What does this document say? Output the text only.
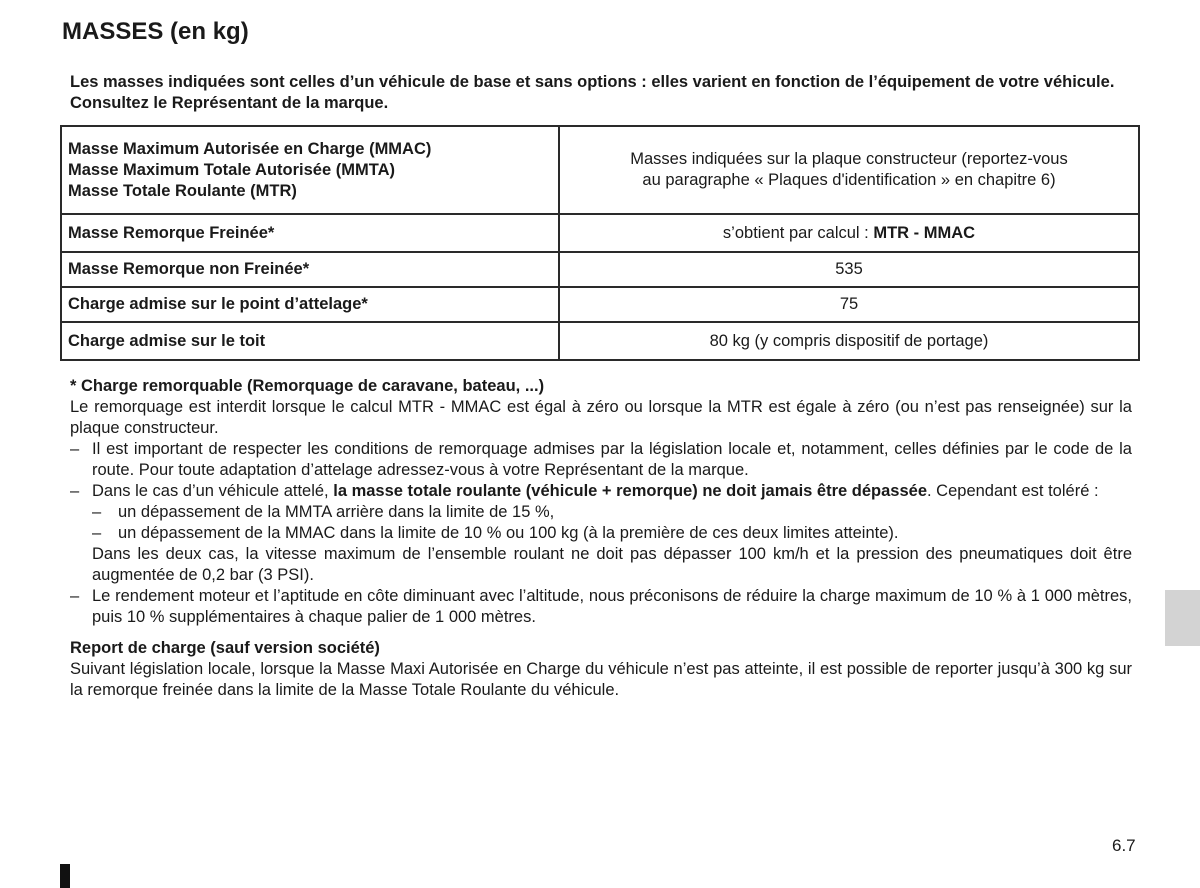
MASSES (en kg)

Les masses indiquées sont celles d’un véhicule de base et sans options : elles varient en fonction de l’équipement de votre véhicule. Consultez le Représentant de la marque.

Masse Maximum Autorisée en Charge (MMAC)
Masse Maximum Totale Autorisée (MMTA)
Masse Totale Roulante (MTR)	Masses indiquées sur la plaque constructeur (reportez-vous
au paragraphe « Plaques d'identification » en chapitre 6)

Masse Remorque Freinée*	s’obtient par calcul : MTR - MMAC
Masse Remorque non Freinée*	535
Charge admise sur le point d’attelage*	75
Charge admise sur le toit	80 kg (y compris dispositif de portage)

* Charge remorquable (Remorquage de caravane, bateau, ...)

Le remorquage est interdit lorsque le calcul MTR - MMAC est égal à zéro ou lorsque la MTR est égale à zéro (ou n’est pas renseignée) sur la plaque constructeur.

– Il est important de respecter les conditions de remorquage admises par la législation locale et, notamment, celles définies par le code de la route. Pour toute adaptation d’attelage adressez-vous à votre Représentant de la marque.

– Dans le cas d’un véhicule attelé, la masse totale roulante (véhicule + remorque) ne doit jamais être dépassée. Cependant est toléré :

– un dépassement de la MMTA arrière dans la limite de 15 %,

– un dépassement de la MMAC dans la limite de 10 % ou 100 kg (à la première de ces deux limites atteinte).

Dans les deux cas, la vitesse maximum de l’ensemble roulant ne doit pas dépasser 100 km/h et la pression des pneumatiques doit être augmentée de 0,2 bar (3 PSI).

– Le rendement moteur et l’aptitude en côte diminuant avec l’altitude, nous préconisons de réduire la charge maximum de 10 % à 1 000 mètres, puis 10 % supplémentaires à chaque palier de 1 000 mètres.

Report de charge (sauf version société)

Suivant législation locale, lorsque la Masse Maxi Autorisée en Charge du véhicule n’est pas atteinte, il est possible de reporter jusqu’à 300 kg sur la remorque freinée dans la limite de la Masse Totale Roulante du véhicule.

6.7
